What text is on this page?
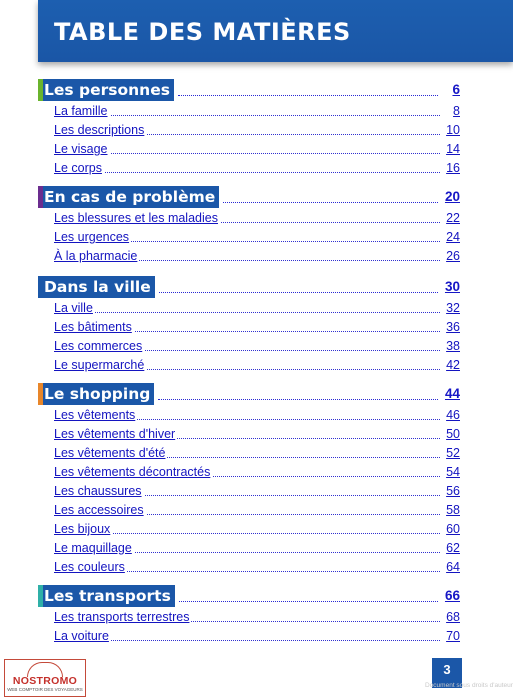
TABLE DES MATIÈRES
Les personnes	6
La famille	8
Les descriptions	10
Le visage	14
Le corps	16
En cas de problème	20
Les blessures et les maladies	22
Les urgences	24
À la pharmacie	26
Dans la ville	30
La ville	32
Les bâtiments	36
Les commerces	38
Le supermarché	42
Le shopping	44
Les vêtements	46
Les vêtements d'hiver	50
Les vêtements d'été	52
Les vêtements décontractés	54
Les chaussures	56
Les accessoires	58
Les bijoux	60
Le maquillage	62
Les couleurs	64
Les transports	66
Les transports terrestres	68
La voiture	70
3
Document sous droits d'auteur
NOSTROMO
WEB COMPTOIR DES VOYAGEURS
